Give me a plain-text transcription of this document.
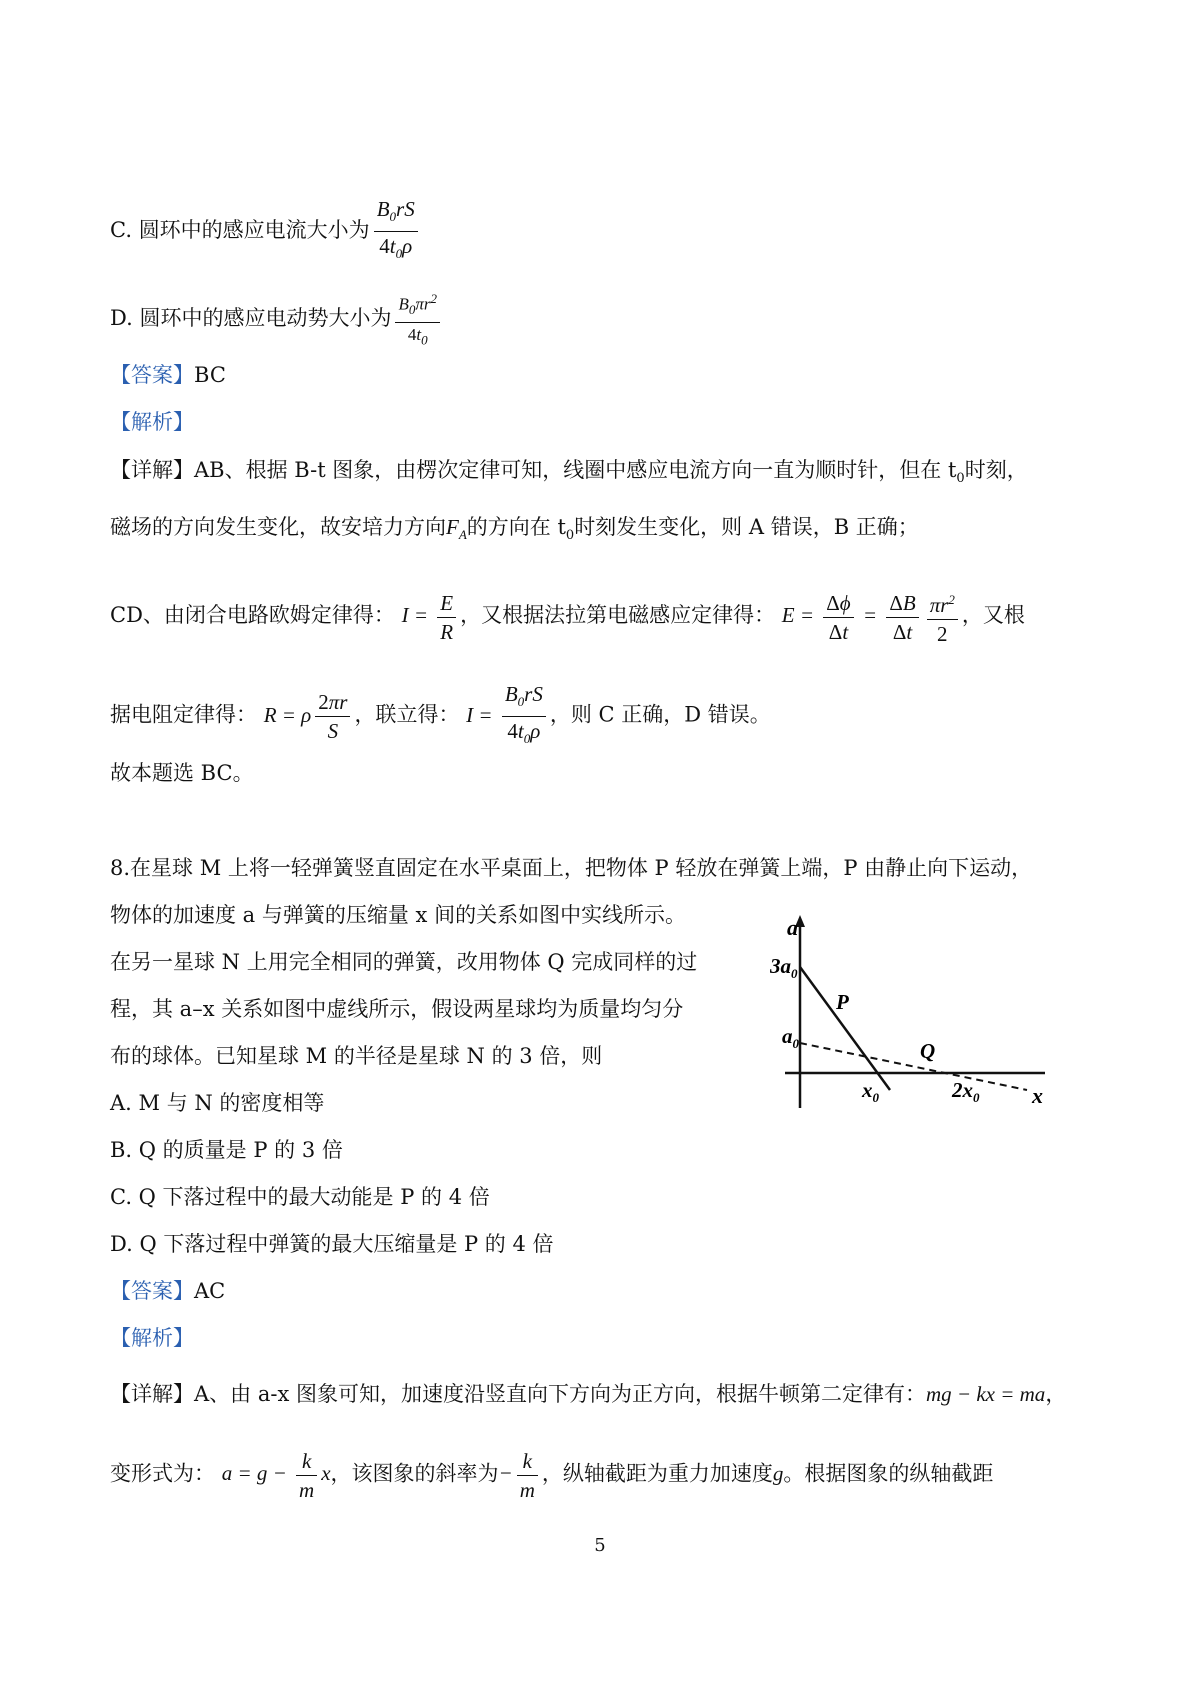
C. 圆环中的感应电流大小为 $\frac{B_0rS}{4t_0\rho}$
D. 圆环中的感应电动势大小为 $\frac{B_0\pi r^2}{4t_0}$
【答案】BC
【解析】
【详解】AB、根据 B-t 图象，由楞次定律可知，线圈中感应电流方向一直为顺时针，但在 $t_0$时刻，
磁场的方向发生变化，故安培力方向$F_A$的方向在 $t_0$时刻发生变化，则 A 错误，B 正确；
CD、由闭合电路欧姆定律得： $I = \frac{E}{R}$ ，又根据法拉第电磁感应定律得： $E = \frac{\Delta\phi}{\Delta t} = \frac{\Delta B}{\Delta t} \frac{\pi r^2}{2}$ ，又根
据电阻定律得： R = ρ $\frac{2\pi r}{S}$ ，联立得： $I = \frac{B_0rS}{4t_0\rho}$ ，则 C 正确，D 错误。
故本题选 BC。
8.在星球 M 上将一轻弹簧竖直固定在水平桌面上，把物体 P 轻放在弹簧上端，P 由静止向下运动，
物体的加速度 a 与弹簧的压缩量 x 间的关系如图中实线所示。
在另一星球 N 上用完全相同的弹簧，改用物体 Q 完成同样的过
程，其 a–x 关系如图中虚线所示，假设两星球均为质量均匀分
布的球体。已知星球 M 的半径是星球 N 的 3 倍，则
A. M 与 N 的密度相等
B. Q 的质量是 P 的 3 倍
C. Q 下落过程中的最大动能是 P 的 4 倍
D. Q 下落过程中弹簧的最大压缩量是 P 的 4 倍
a
x
$3a_0$
$a_0$
$x_0$	$2x_0$
P
Q
【答案】AC
【解析】
【详解】A、由 a-x 图象可知，加速度沿竖直向下方向为正方向，根据牛顿第二定律有：mg − kx = ma，
变形式为： $a = g - \frac{k}{m}$ x，该图象的斜率为− $\frac{k}{m}$ ，纵轴截距为重力加速度g。根据图象的纵轴截距
5
